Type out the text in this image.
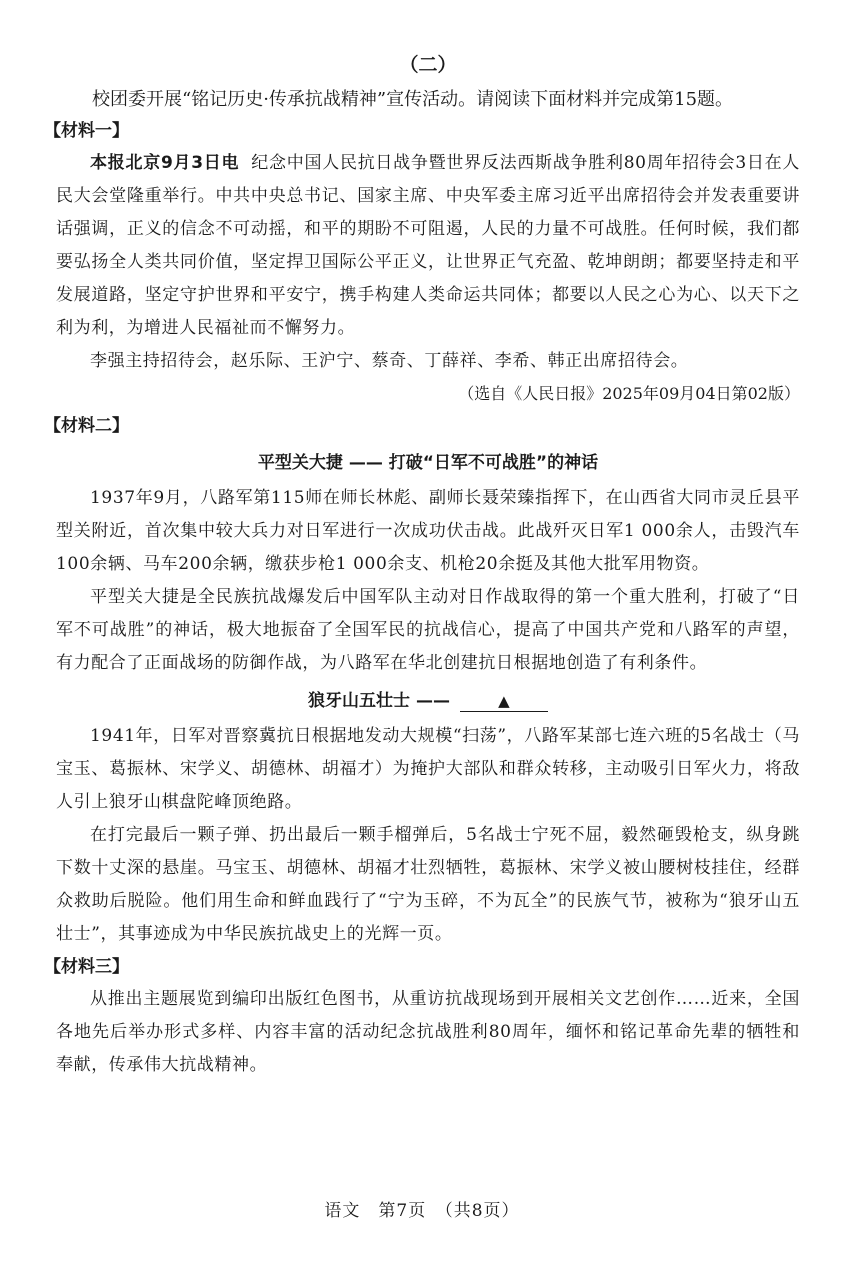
（二）

校团委开展“铭记历史·传承抗战精神”宣传活动。请阅读下面材料并完成第15题。

【材料一】

本报北京9月3日电 纪念中国人民抗日战争暨世界反法西斯战争胜利80周年招待会3日在人民大会堂隆重举行。中共中央总书记、国家主席、中央军委主席习近平出席招待会并发表重要讲话强调，正义的信念不可动摇，和平的期盼不可阻遏，人民的力量不可战胜。任何时候，我们都要弘扬全人类共同价值，坚定捍卫国际公平正义，让世界正气充盈、乾坤朗朗；都要坚持走和平发展道路，坚定守护世界和平安宁，携手构建人类命运共同体；都要以人民之心为心、以天下之利为利，为增进人民福祉而不懈努力。

李强主持招待会，赵乐际、王沪宁、蔡奇、丁薛祥、李希、韩正出席招待会。

（选自《人民日报》2025年09月04日第02版）
【材料二】
平型关大捷 —— 打破“日军不可战胜”的神话

1937年9月，八路军第115师在师长林彪、副师长聂荣臻指挥下，在山西省大同市灵丘县平型关附近，首次集中较大兵力对日军进行一次成功伏击战。此战歼灭日军1 000余人，击毁汽车100余辆、马车200余辆，缴获步枪1 000余支、机枪20余挺及其他大批军用物资。

平型关大捷是全民族抗战爆发后中国军队主动对日作战取得的第一个重大胜利，打破了“日军不可战胜”的神话，极大地振奋了全国军民的抗战信心，提高了中国共产党和八路军的声望，有力配合了正面战场的防御作战，为八路军在华北创建抗日根据地创造了有利条件。

狼牙山五壮士 ——	▲

1941年，日军对晋察冀抗日根据地发动大规模“扫荡”，八路军某部七连六班的5名战士（马宝玉、葛振林、宋学义、胡德林、胡福才）为掩护大部队和群众转移，主动吸引日军火力，将敌人引上狼牙山棋盘陀峰顶绝路。

在打完最后一颗子弹、扔出最后一颗手榴弹后，5名战士宁死不屈，毅然砸毁枪支，纵身跳下数十丈深的悬崖。马宝玉、胡德林、胡福才壮烈牺牲，葛振林、宋学义被山腰树枝挂住，经群众救助后脱险。他们用生命和鲜血践行了“宁为玉碎，不为瓦全”的民族气节，被称为“狼牙山五壮士”，其事迹成为中华民族抗战史上的光辉一页。

【材料三】

从推出主题展览到编印出版红色图书，从重访抗战现场到开展相关文艺创作……近来，全国各地先后举办形式多样、内容丰富的活动纪念抗战胜利80周年，缅怀和铭记革命先辈的牺牲和奉献，传承伟大抗战精神。

语文　第7页　（共8页）
